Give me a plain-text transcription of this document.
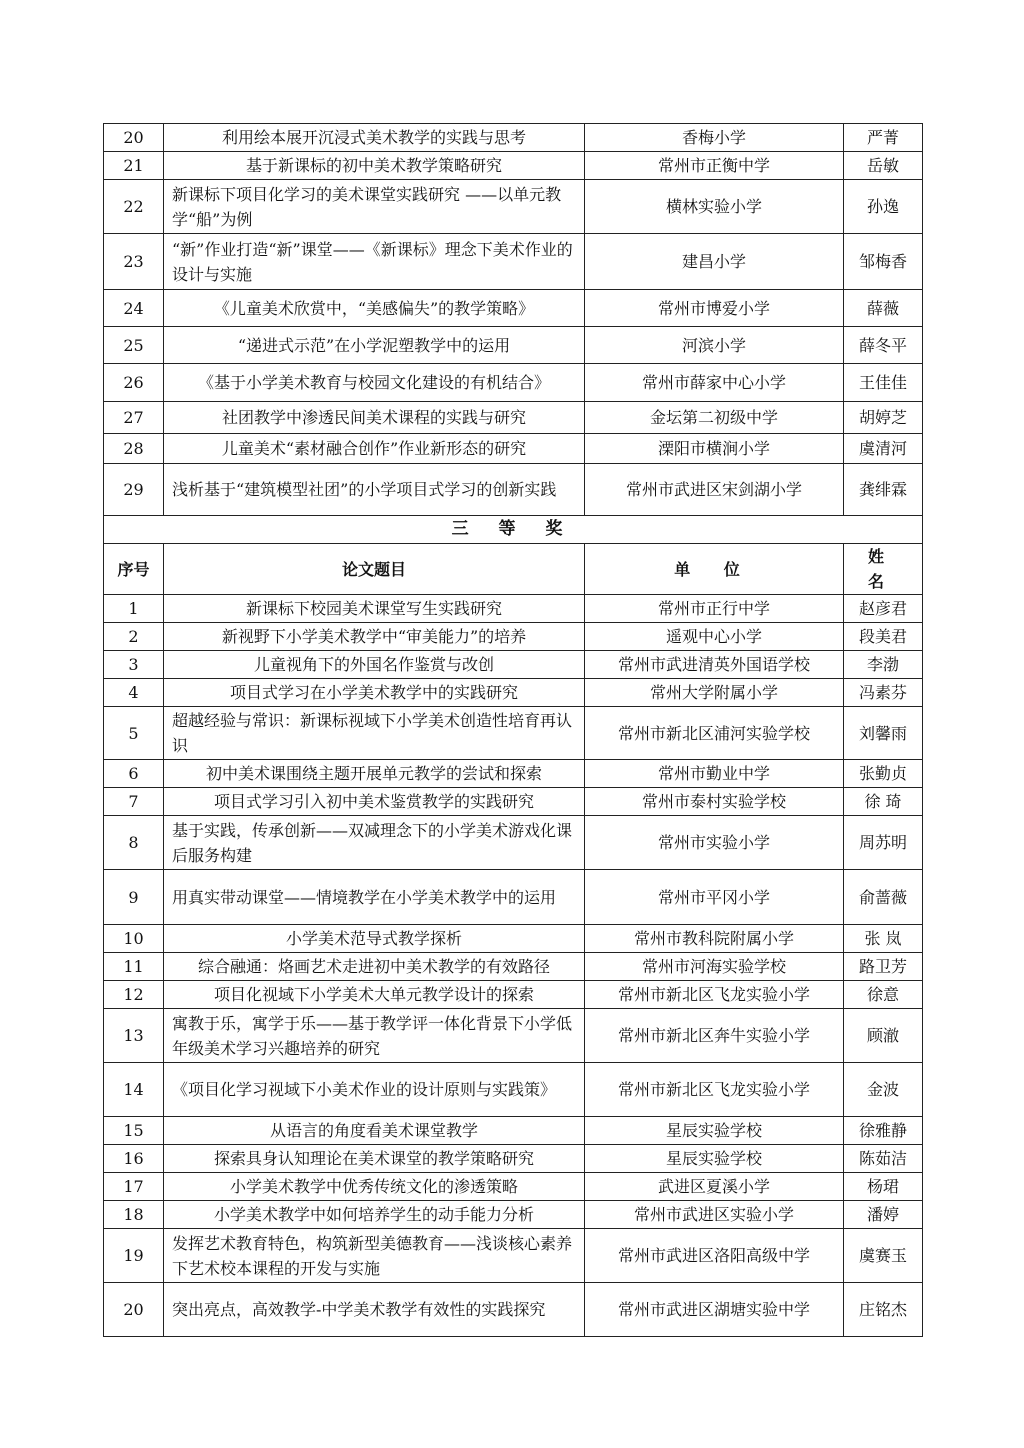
20	利用绘本展开沉浸式美术教学的实践与思考	香梅小学	严菁
21	基于新课标的初中美术教学策略研究	常州市正衡中学	岳敏
22	新课标下项目化学习的美术课堂实践研究 ——以单元教学“船”为例	横林实验小学	孙逸
23	“新”作业打造“新”课堂——《新课标》理念下美术作业的设计与实施	建昌小学	邹梅香
24	《儿童美术欣赏中，“美感偏失”的教学策略》	常州市博爱小学	薛薇
25	“递进式示范”在小学泥塑教学中的运用	河滨小学	薛冬平
26	《基于小学美术教育与校园文化建设的有机结合》	常州市薛家中心小学	王佳佳
27	社团教学中渗透民间美术课程的实践与研究	金坛第二初级中学	胡婷芝
28	儿童美术“素材融合创作”作业新形态的研究	溧阳市横涧小学	虞清河
29	浅析基于“建筑模型社团”的小学项目式学习的创新实践	常州市武进区宋剑湖小学	龚绯霖
三 等 奖			
序号	论文题目	单 位	姓 名
1	新课标下校园美术课堂写生实践研究	常州市正行中学	赵彦君
2	新视野下小学美术教学中“审美能力”的培养	遥观中心小学	段美君
3	儿童视角下的外国名作鉴赏与改创	常州市武进清英外国语学校	李渤
4	项目式学习在小学美术教学中的实践研究	常州大学附属小学	冯素芬
5	超越经验与常识：新课标视域下小学美术创造性培育再认识	常州市新北区浦河实验学校	刘馨雨
6	初中美术课围绕主题开展单元教学的尝试和探索	常州市勤业中学	张勤贞
7	项目式学习引入初中美术鉴赏教学的实践研究	常州市泰村实验学校	徐 琦
8	基于实践，传承创新——双减理念下的小学美术游戏化课后服务构建	常州市实验小学	周苏明
9	用真实带动课堂——情境教学在小学美术教学中的运用	常州市平冈小学	俞蔷薇
10	小学美术范导式教学探析	常州市教科院附属小学	张 岚
11	综合融通：烙画艺术走进初中美术教学的有效路径	常州市河海实验学校	路卫芳
12	项目化视域下小学美术大单元教学设计的探索	常州市新北区飞龙实验小学	徐意
13	寓教于乐，寓学于乐——基于教学评一体化背景下小学低年级美术学习兴趣培养的研究	常州市新北区奔牛实验小学	顾澈
14	《项目化学习视域下小美术作业的设计原则与实践策》	常州市新北区飞龙实验小学	金波
15	从语言的角度看美术课堂教学	星辰实验学校	徐雅静
16	探索具身认知理论在美术课堂的教学策略研究	星辰实验学校	陈茹洁
17	小学美术教学中优秀传统文化的渗透策略	武进区夏溪小学	杨珺
18	小学美术教学中如何培养学生的动手能力分析	常州市武进区实验小学	潘婷
19	发挥艺术教育特色，构筑新型美德教育——浅谈核心素养下艺术校本课程的开发与实施	常州市武进区洛阳高级中学	虞赛玉
20	突出亮点，高效教学-中学美术教学有效性的实践探究	常州市武进区湖塘实验中学	庄铭杰
